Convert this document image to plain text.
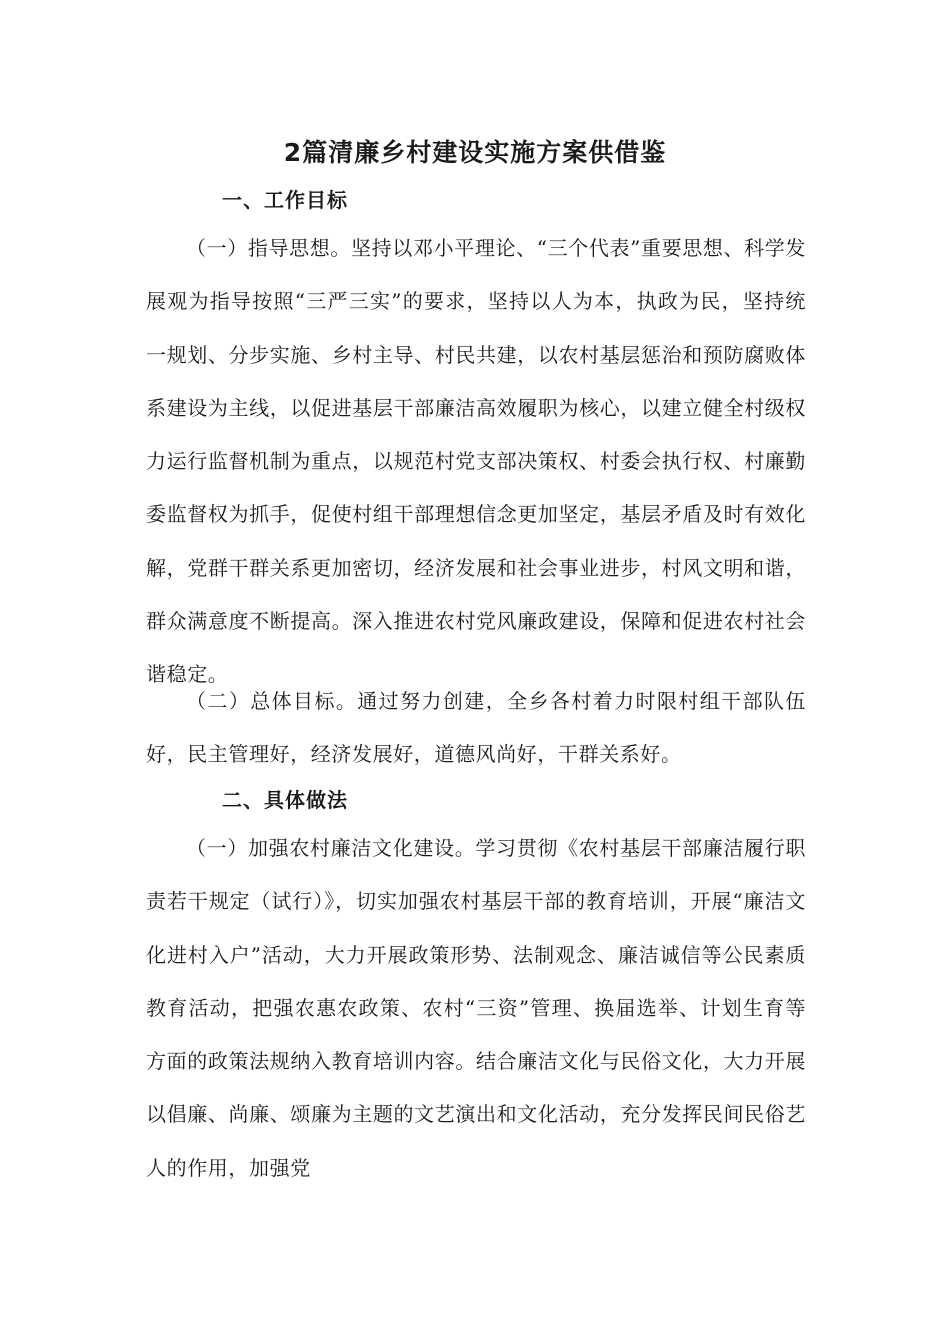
2篇清廉乡村建设实施方案供借鉴
一、工作目标

（一）指导思想。坚持以邓小平理论、“三个代表”重要思想、科学发展观为指导按照“三严三实”的要求，坚持以人为本，执政为民，坚持统一规划、分步实施、乡村主导、村民共建，以农村基层惩治和预防腐败体系建设为主线，以促进基层干部廉洁高效履职为核心，以建立健全村级权力运行监督机制为重点，以规范村党支部决策权、村委会执行权、村廉勤委监督权为抓手，促使村组干部理想信念更加坚定，基层矛盾及时有效化解，党群干群关系更加密切，经济发展和社会事业进步，村风文明和谐，群众满意度不断提高。深入推进农村党风廉政建设，保障和促进农村社会谐稳定。

（二）总体目标。通过努力创建，全乡各村着力时限村组干部队伍好，民主管理好，经济发展好，道德风尚好，干群关系好。

二、具体做法

（一）加强农村廉洁文化建设。学习贯彻《农村基层干部廉洁履行职责若干规定（试行）》，切实加强农村基层干部的教育培训，开展“廉洁文化进村入户”活动，大力开展政策形势、法制观念、廉洁诚信等公民素质教育活动，把强农惠农政策、农村“三资”管理、换届选举、计划生育等方面的政策法规纳入教育培训内容。结合廉洁文化与民俗文化，大力开展以倡廉、尚廉、颂廉为主题的文艺演出和文化活动，充分发挥民间民俗艺人的作用，加强党
